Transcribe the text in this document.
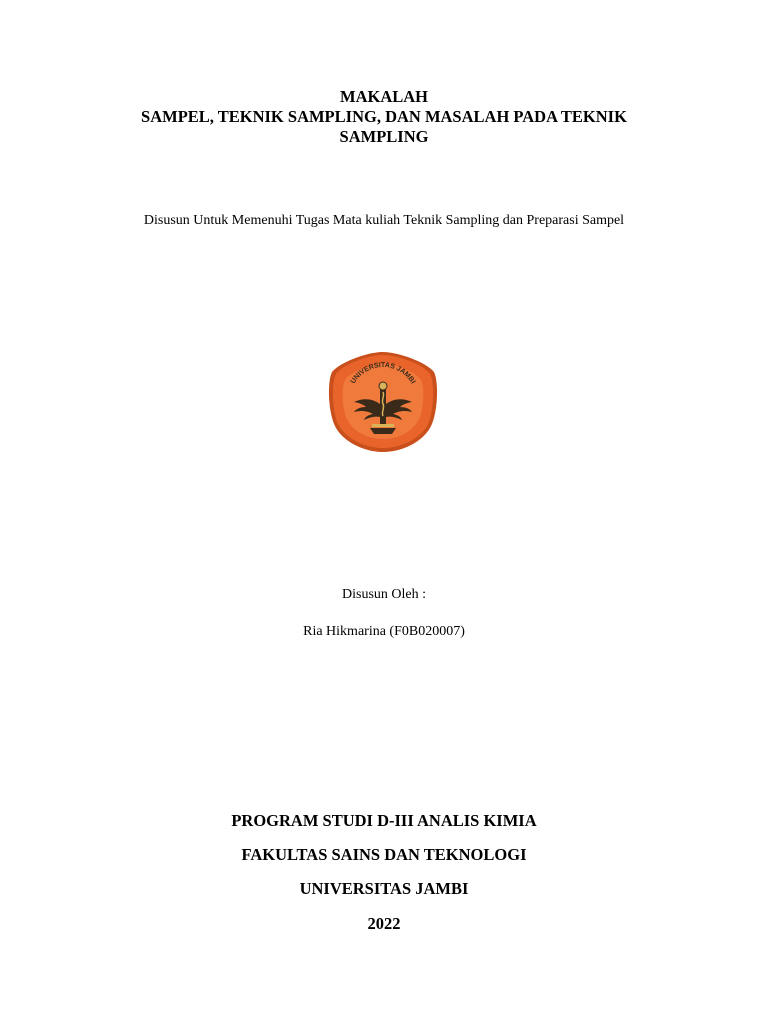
MAKALAH
SAMPEL, TEKNIK SAMPLING, DAN MASALAH PADA TEKNIK
SAMPLING
Disusun Untuk Memenuhi Tugas Mata kuliah Teknik Sampling dan Preparasi Sampel
UNIVERSITAS JAMBI
Disusun Oleh :
Ria Hikmarina (F0B020007)
PROGRAM STUDI D-III ANALIS KIMIA
FAKULTAS SAINS DAN TEKNOLOGI
UNIVERSITAS JAMBI
2022
